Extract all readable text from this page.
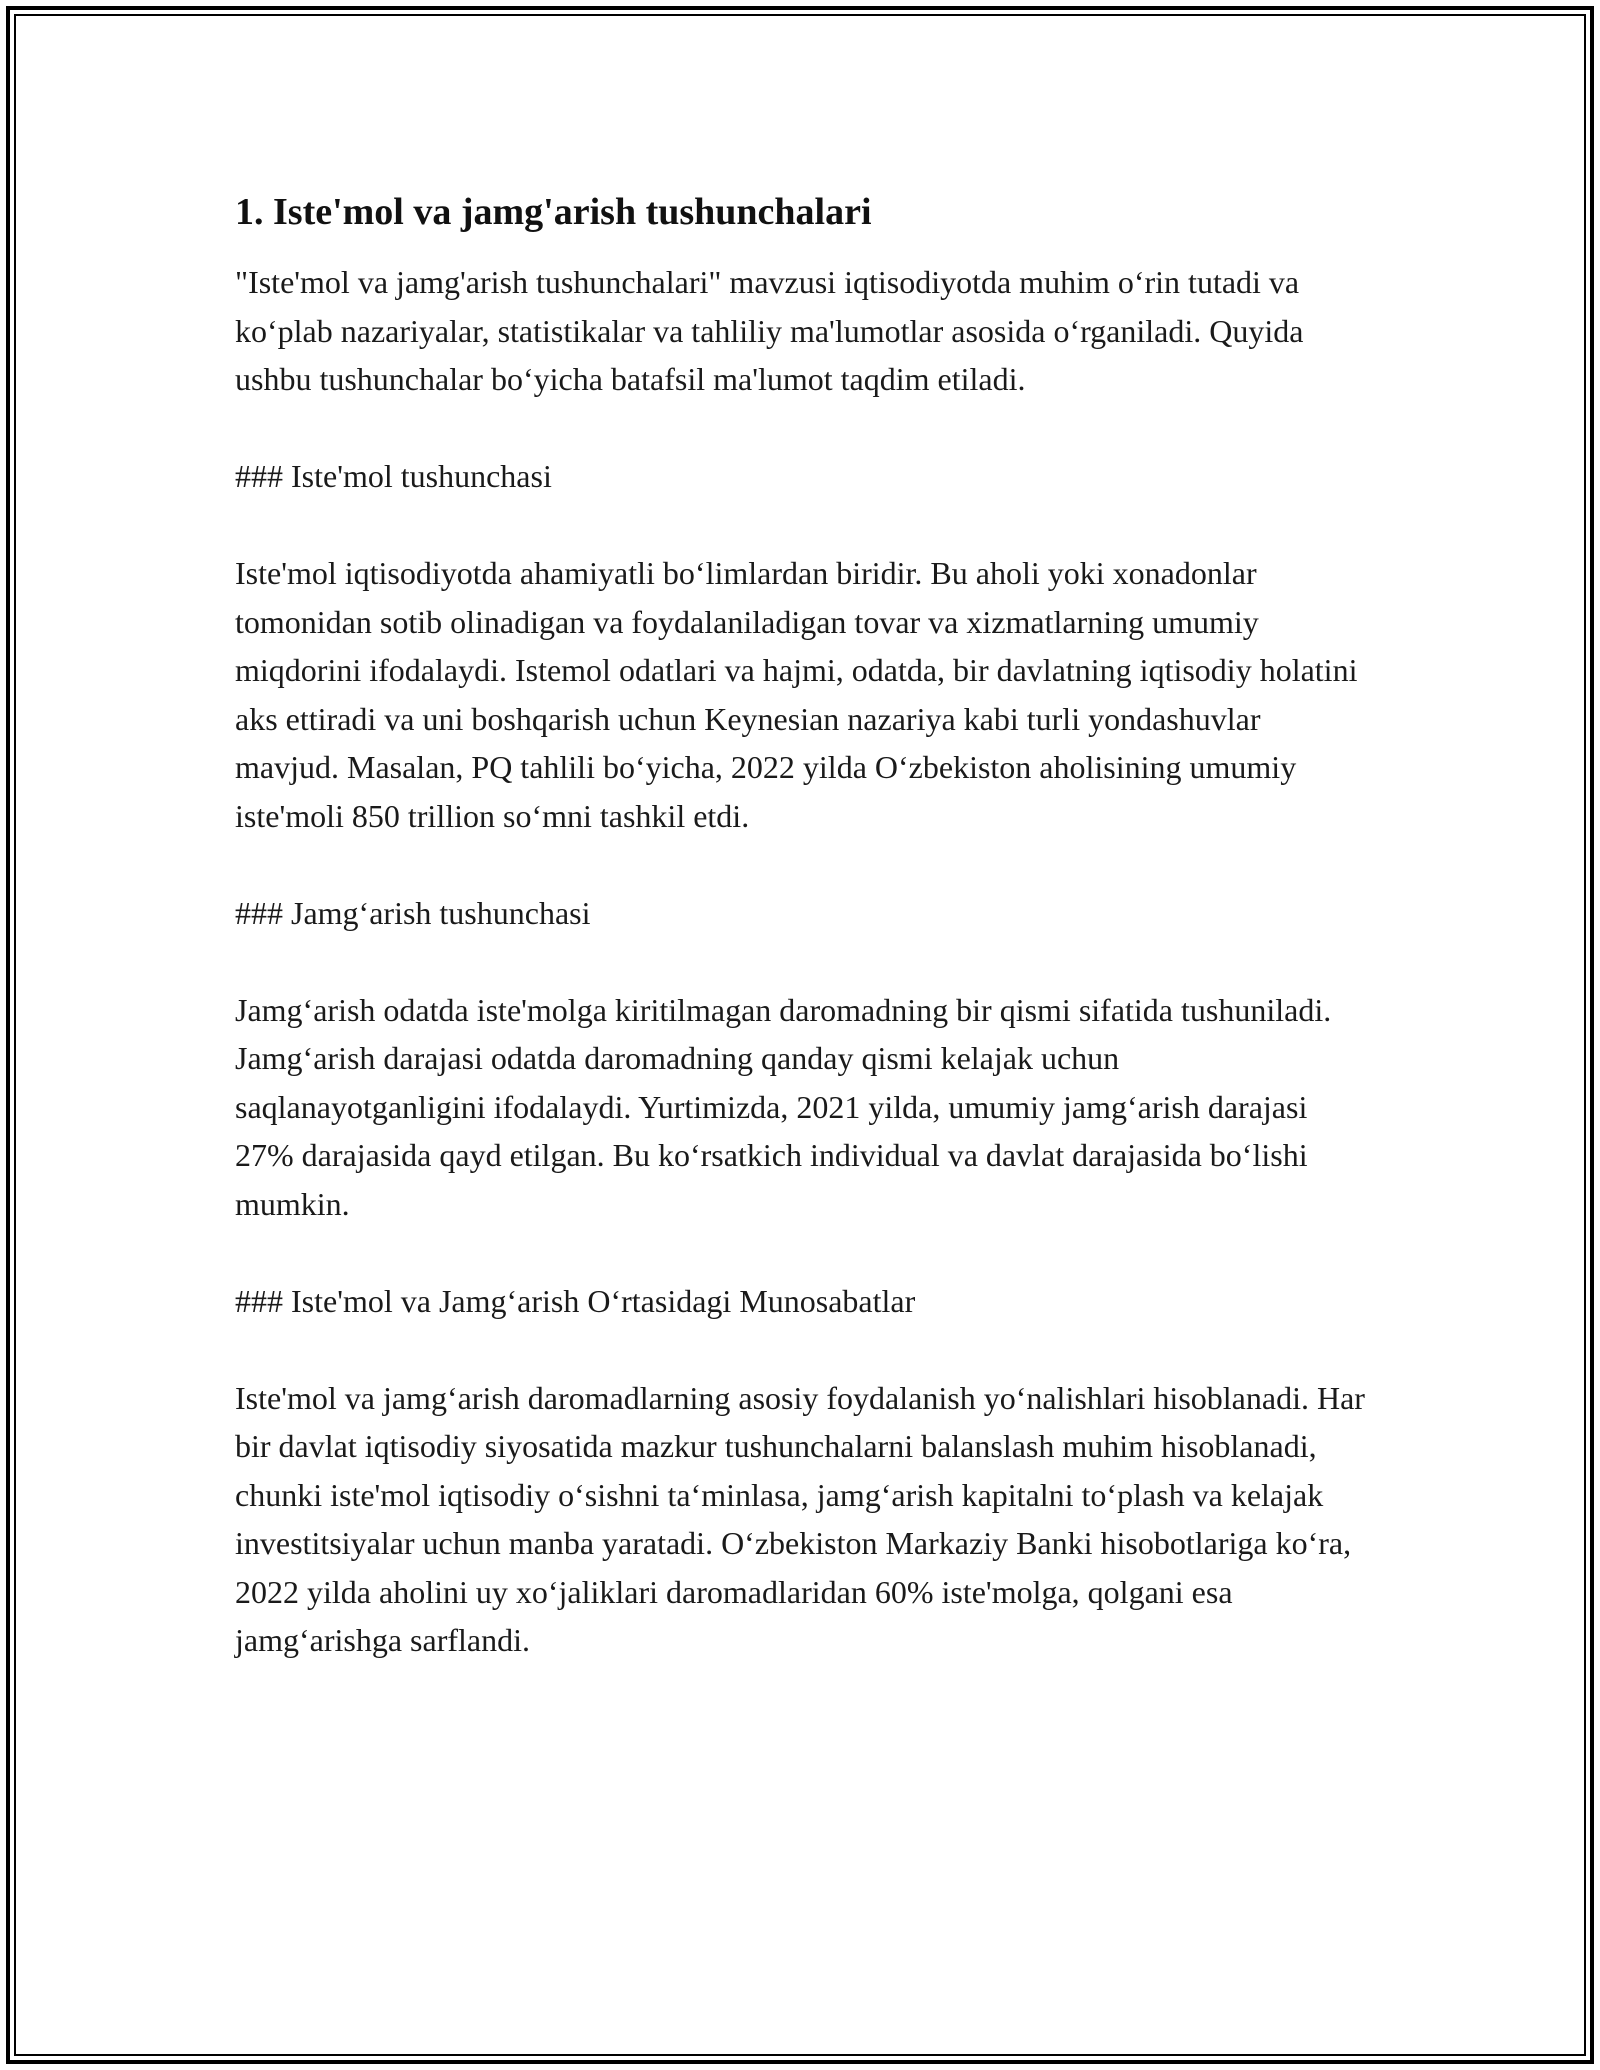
1. Iste'mol va jamg'arish tushunchalari

"Iste'mol va jamg'arish tushunchalari" mavzusi iqtisodiyotda muhim o‘rin tutadi va ko‘plab nazariyalar, statistikalar va tahliliy ma'lumotlar asosida o‘rganiladi. Quyida ushbu tushunchalar bo‘yicha batafsil ma'lumot taqdim etiladi.

### Iste'mol tushunchasi

Iste'mol iqtisodiyotda ahamiyatli bo‘limlardan biridir. Bu aholi yoki xonadonlar tomonidan sotib olinadigan va foydalaniladigan tovar va xizmatlarning umumiy miqdorini ifodalaydi. Istemol odatlari va hajmi, odatda, bir davlatning iqtisodiy holatini aks ettiradi va uni boshqarish uchun Keynesian nazariya kabi turli yondashuvlar mavjud. Masalan, PQ tahlili bo‘yicha, 2022 yilda O‘zbekiston aholisining umumiy iste'moli 850 trillion so‘mni tashkil etdi.

### Jamg‘arish tushunchasi

Jamg‘arish odatda iste'molga kiritilmagan daromadning bir qismi sifatida tushuniladi. Jamg‘arish darajasi odatda daromadning qanday qismi kelajak uchun saqlanayotganligini ifodalaydi. Yurtimizda, 2021 yilda, umumiy jamg‘arish darajasi 27% darajasida qayd etilgan. Bu ko‘rsatkich individual va davlat darajasida bo‘lishi mumkin.

### Iste'mol va Jamg‘arish O‘rtasidagi Munosabatlar

Iste'mol va jamg‘arish daromadlarning asosiy foydalanish yo‘nalishlari hisoblanadi. Har bir davlat iqtisodiy siyosatida mazkur tushunchalarni balanslash muhim hisoblanadi, chunki iste'mol iqtisodiy o‘sishni ta‘minlasa, jamg‘arish kapitalni to‘plash va kelajak investitsiyalar uchun manba yaratadi. O‘zbekiston Markaziy Banki hisobotlariga ko‘ra, 2022 yilda aholini uy xo‘jaliklari daromadlaridan 60% iste'molga, qolgani esa jamg‘arishga sarflandi.
